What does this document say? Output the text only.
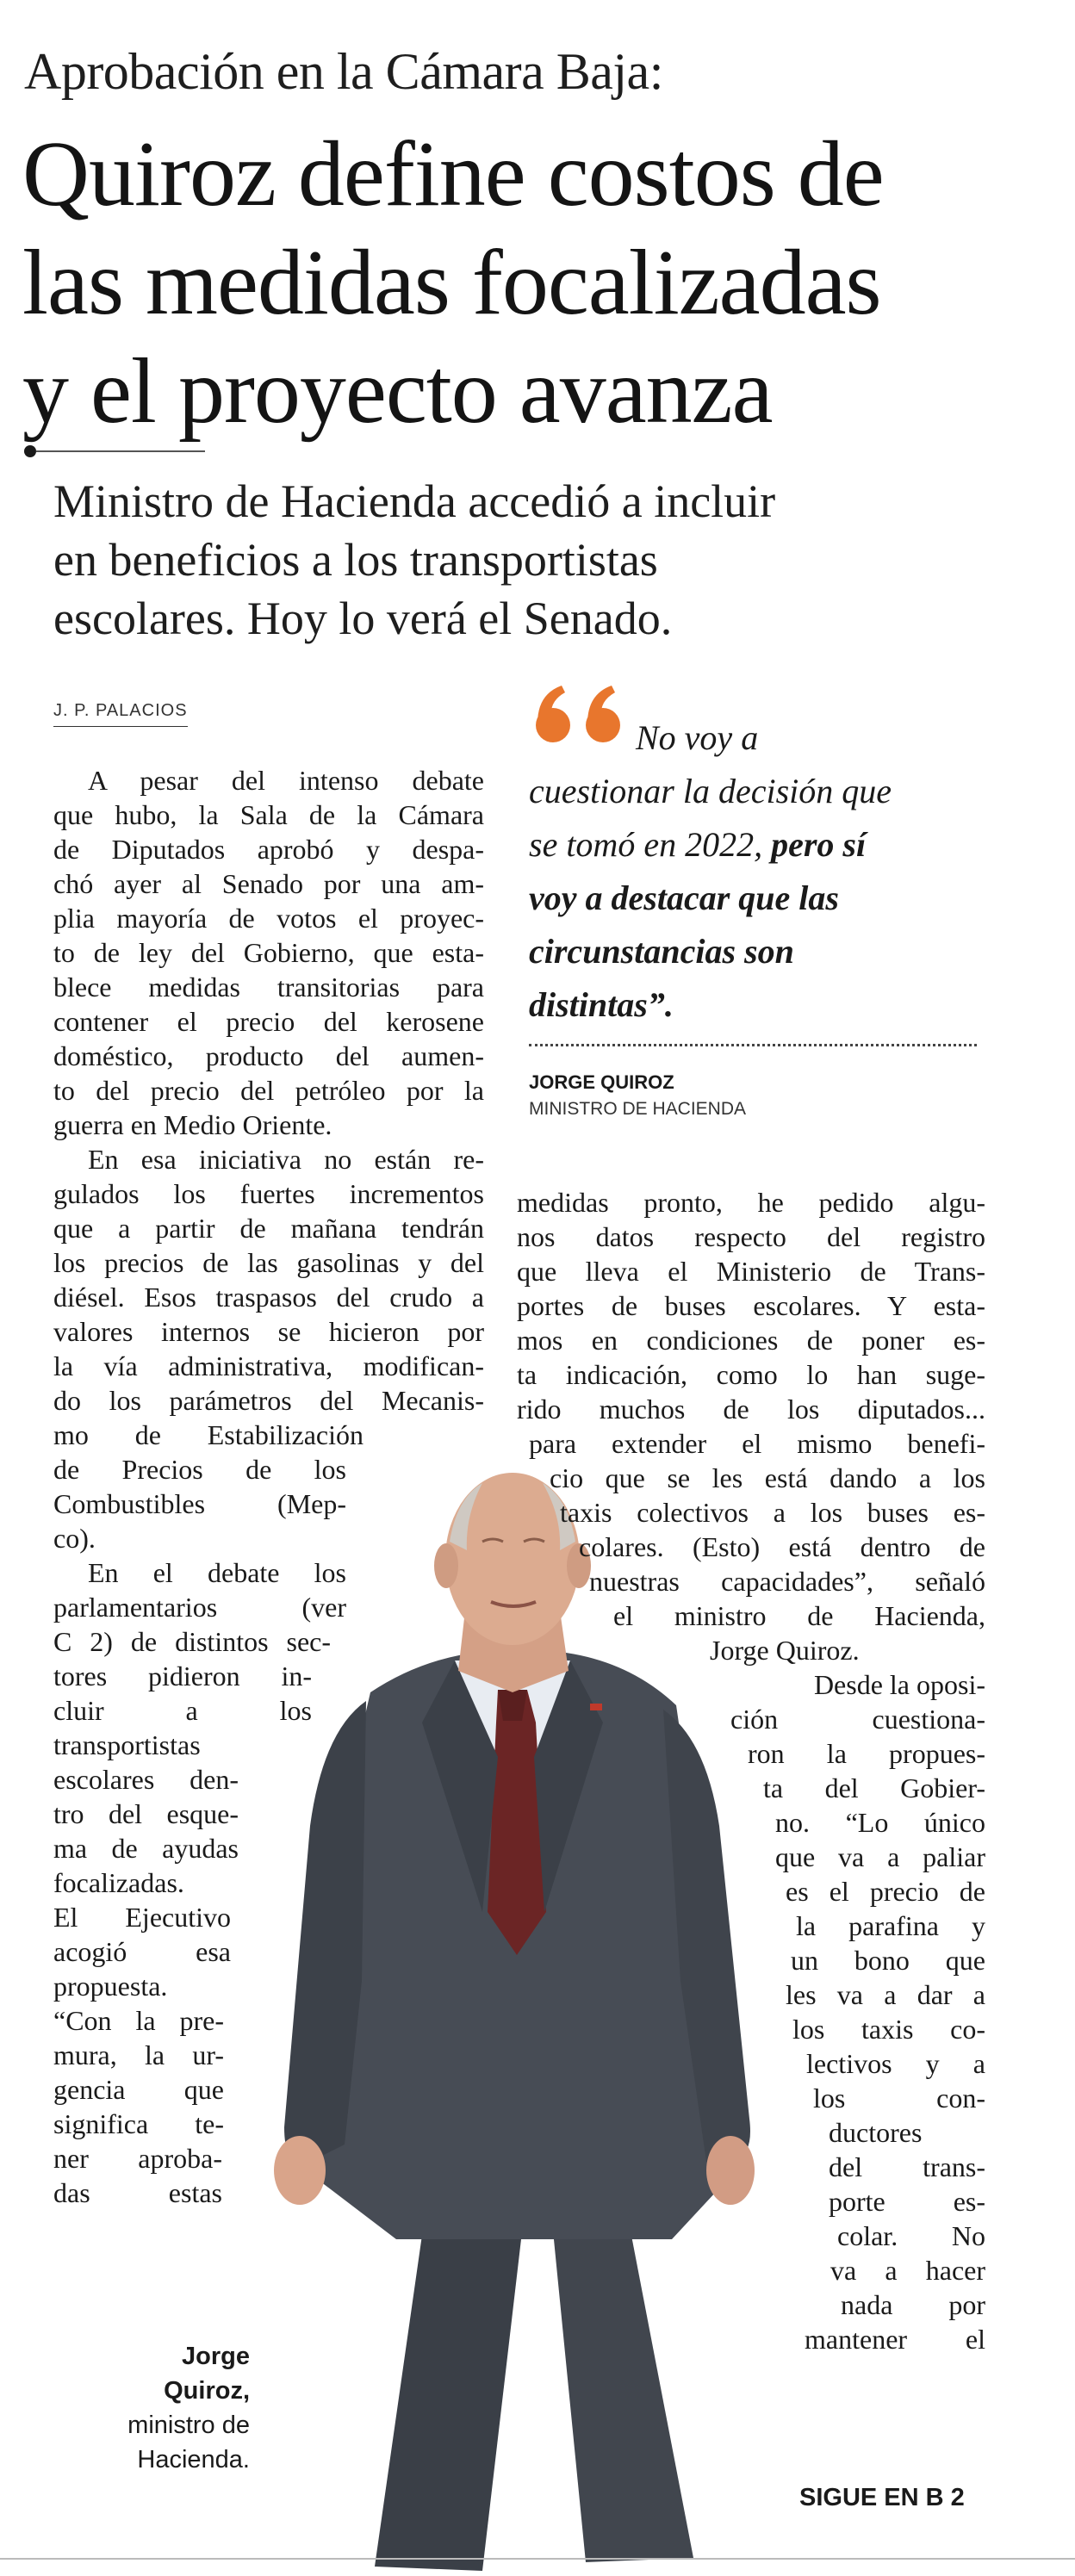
Aprobación en la Cámara Baja:
Quiroz define costos de
las medidas focalizadas
y el proyecto avanza
Ministro de Hacienda accedió a incluir
en beneficios a los transportistas
escolares. Hoy lo verá el Senado.
J. P. PALACIOS
A pesar del intenso debate
que hubo, la Sala de la Cámara
de Diputados aprobó y despa-
chó ayer al Senado por una am-
plia mayoría de votos el proyec-
to de ley del Gobierno, que esta-
blece medidas transitorias para
contener el precio del kerosene
doméstico, producto del aumen-
to del precio del petróleo por la
guerra en Medio Oriente.
En esa iniciativa no están re-
gulados los fuertes incrementos
que a partir de mañana tendrán
los precios de las gasolinas y del
diésel. Esos traspasos del crudo a
valores internos se hicieron por
la vía administrativa, modifican-
do los parámetros del Mecanis-
mo de Estabilización
de Precios de los
Combustibles (Mep-
co).
En el debate los
parlamentarios (ver
C 2) de distintos sec-
tores pidieron in-
cluir a los
transportistas
escolares den-
tro del esque-
ma de ayudas
focalizadas.
El Ejecutivo
acogió esa
propuesta.
“Con la pre-
mura, la ur-
gencia que
significa te-
ner aproba-
das estas
No voy a
cuestionar la decisión que
se tomó en 2022, pero sí
voy a destacar que las
circunstancias son
distintas”.
JORGE QUIROZ
MINISTRO DE HACIENDA
medidas pronto, he pedido algu-
nos datos respecto del registro
que lleva el Ministerio de Trans-
portes de buses escolares. Y esta-
mos en condiciones de poner es-
ta indicación, como lo han suge-
rido muchos de los diputados...
para extender el mismo benefi-
cio que se les está dando a los
taxis colectivos a los buses es-
colares. (Esto) está dentro de
nuestras capacidades”, señaló
el ministro de Hacienda,
Jorge Quiroz.
Desde la oposi-
ción cuestiona-
ron la propues-
ta del Gobier-
no. “Lo único
que va a paliar
es el precio de
la parafina y
un bono que
les va a dar a
los taxis co-
lectivos y a
los con-
ductores
del trans-
porte es-
colar. No
va a hacer
nada por
mantener el
Jorge
Quiroz,
ministro de
Hacienda.
SIGUE EN B 2
